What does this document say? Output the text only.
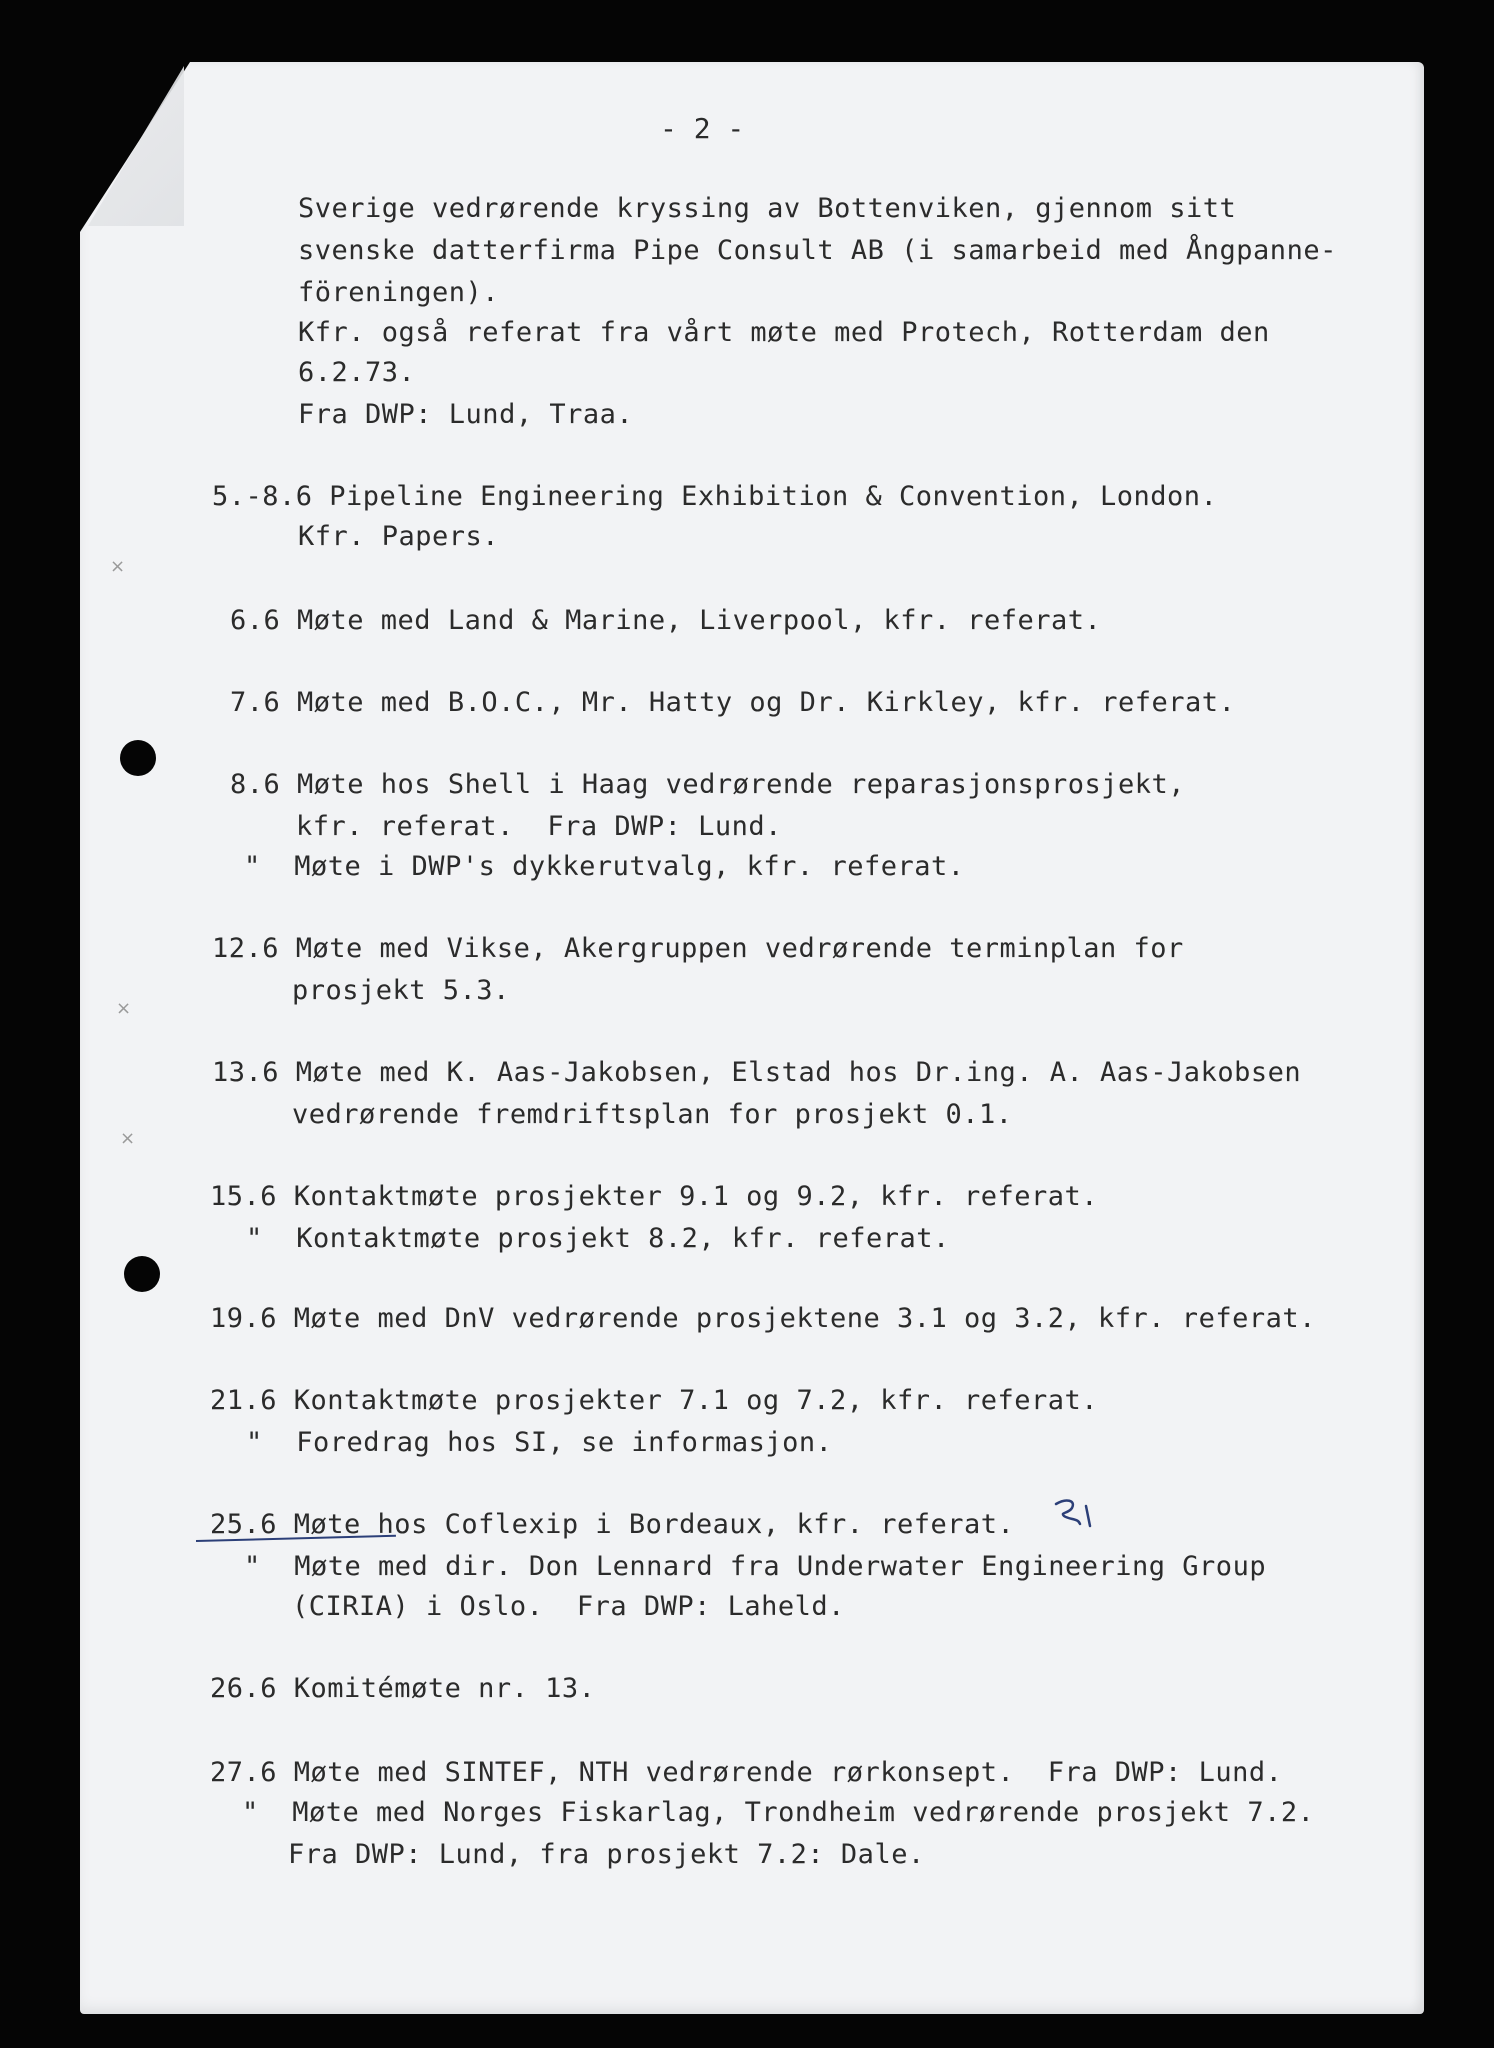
×
×
×
- 2 -
Sverige vedrørende kryssing av Bottenviken, gjennom sitt
svenske datterfirma Pipe Consult AB (i samarbeid med Ångpanne-
föreningen).
Kfr. også referat fra vårt møte med Protech, Rotterdam den
6.2.73.
Fra DWP: Lund, Traa.
5.-8.6 Pipeline Engineering Exhibition & Convention, London.
Kfr. Papers.
6.6 Møte med Land & Marine, Liverpool, kfr. referat.
7.6 Møte med B.O.C., Mr. Hatty og Dr. Kirkley, kfr. referat.
8.6 Møte hos Shell i Haag vedrørende reparasjonsprosjekt,
kfr. referat.  Fra DWP: Lund.
"  Møte i DWP's dykkerutvalg, kfr. referat.
12.6 Møte med Vikse, Akergruppen vedrørende terminplan for
prosjekt 5.3.
13.6 Møte med K. Aas-Jakobsen, Elstad hos Dr.ing. A. Aas-Jakobsen
vedrørende fremdriftsplan for prosjekt 0.1.
15.6 Kontaktmøte prosjekter 9.1 og 9.2, kfr. referat.
"  Kontaktmøte prosjekt 8.2, kfr. referat.
19.6 Møte med DnV vedrørende prosjektene 3.1 og 3.2, kfr. referat.
21.6 Kontaktmøte prosjekter 7.1 og 7.2, kfr. referat.
"  Foredrag hos SI, se informasjon.
25.6 Møte hos Coflexip i Bordeaux, kfr. referat.
"  Møte med dir. Don Lennard fra Underwater Engineering Group
(CIRIA) i Oslo.  Fra DWP: Laheld.
26.6 Komitémøte nr. 13.
27.6 Møte med SINTEF, NTH vedrørende rørkonsept.  Fra DWP: Lund.
"  Møte med Norges Fiskarlag, Trondheim vedrørende prosjekt 7.2.
Fra DWP: Lund, fra prosjekt 7.2: Dale.
